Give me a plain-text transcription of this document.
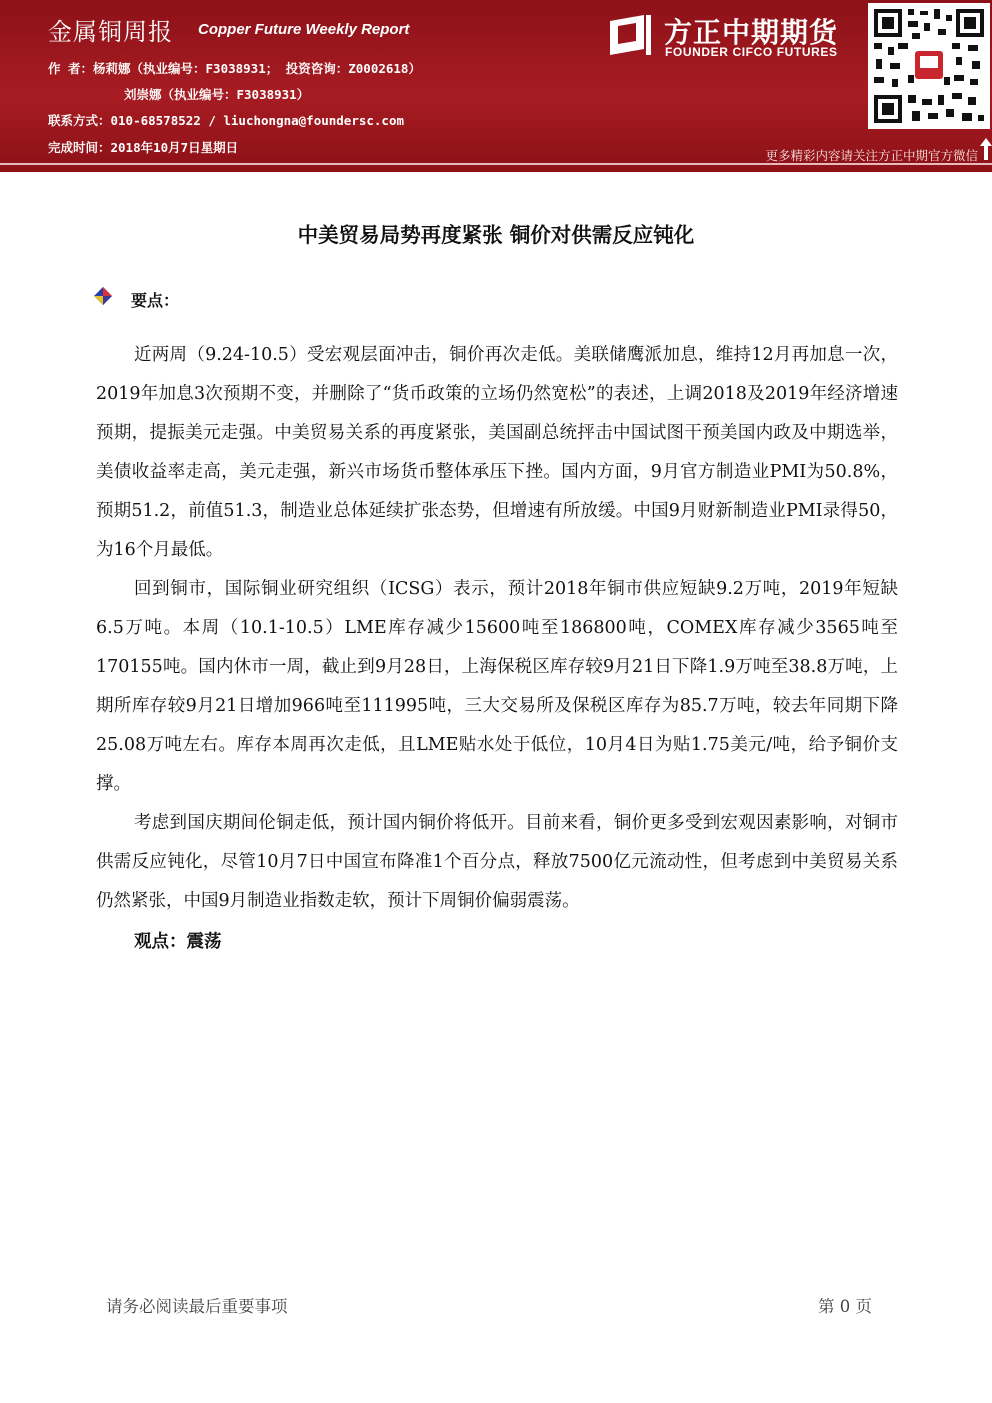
金属铜周报 Copper Future Weekly Report
作 者：杨莉娜（执业编号：F3038931； 投资咨询：Z0002618）
刘崇娜（执业编号：F3038931）
联系方式：010-68578522 / liuchongna@foundersc.com
完成时间：2018年10月7日星期日
方正中期期货
FOUNDER CIFCO FUTURES
更多精彩内容请关注方正中期官方微信
中美贸易局势再度紧张 铜价对供需反应钝化
要点：

近两周（9.24-10.5）受宏观层面冲击，铜价再次走低。美联储鹰派加息，维持12月再加息一次，2019年加息3次预期不变，并删除了“货币政策的立场仍然宽松”的表述，上调2018及2019年经济增速预期，提振美元走强。中美贸易关系的再度紧张，美国副总统抨击中国试图干预美国内政及中期选举，美债收益率走高，美元走强，新兴市场货币整体承压下挫。国内方面，9月官方制造业PMI为50.8%，预期51.2，前值51.3，制造业总体延续扩张态势，但增速有所放缓。中国9月财新制造业PMI录得50，为16个月最低。

回到铜市，国际铜业研究组织（ICSG）表示，预计2018年铜市供应短缺9.2万吨，2019年短缺6.5万吨。本周（10.1-10.5）LME库存减少15600吨至186800吨，COMEX库存减少3565吨至170155吨。国内休市一周，截止到9月28日，上海保税区库存较9月21日下降1.9万吨至38.8万吨，上期所库存较9月21日增加966吨至111995吨，三大交易所及保税区库存为85.7万吨，较去年同期下降25.08万吨左右。库存本周再次走低，且LME贴水处于低位，10月4日为贴1.75美元/吨，给予铜价支撑。

考虑到国庆期间伦铜走低，预计国内铜价将低开。目前来看，铜价更多受到宏观因素影响，对铜市供需反应钝化，尽管10月7日中国宣布降准1个百分点，释放7500亿元流动性，但考虑到中美贸易关系仍然紧张，中国9月制造业指数走软，预计下周铜价偏弱震荡。

观点：震荡
请务必阅读最后重要事项	第 0 页
